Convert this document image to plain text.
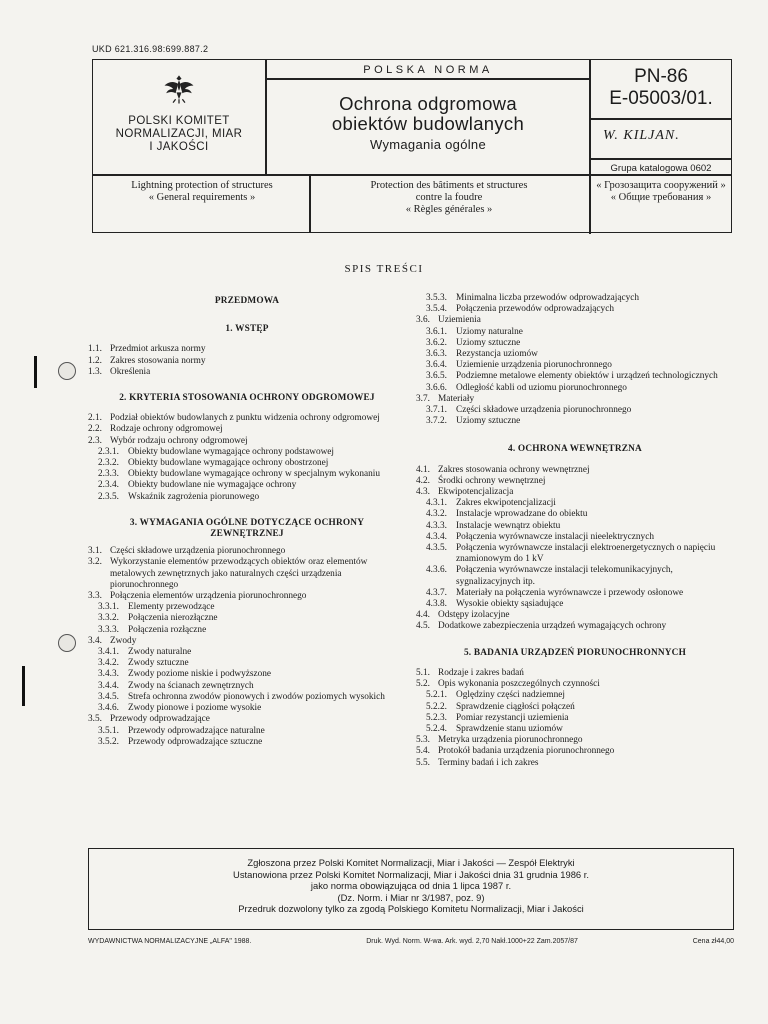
UKD 621.316.98:699.887.2
POLSKI KOMITET
NORMALIZACJI, MIAR
I JAKOŚCI
POLSKA NORMA
Ochrona odgromowa
obiektów budowlanych
Wymagania ogólne
PN-86
E-05003/01.
W. KILJAN.
Grupa katalogowa 0602
Lightning protection of structures
« General requirements »
Protection des bâtiments et structures
contre la foudre
« Règles générales »
« Грозозащита сооружений »
« Общие требования »
SPIS TREŚCI
PRZEDMOWA
1. WSTĘP
1.1. Przedmiot arkusza normy
1.2. Zakres stosowania normy
1.3. Określenia
2. KRYTERIA STOSOWANIA OCHRONY ODGROMOWEJ
2.1. Podział obiektów budowlanych z punktu widzenia ochrony odgromowej
2.2. Rodzaje ochrony odgromowej
2.3. Wybór rodzaju ochrony odgromowej
2.3.1. Obiekty budowlane wymagające ochrony podstawowej
2.3.2. Obiekty budowlane wymagające ochrony obostrzonej
2.3.3. Obiekty budowlane wymagające ochrony w specjalnym wykonaniu
2.3.4. Obiekty budowlane nie wymagające ochrony
2.3.5. Wskaźnik zagrożenia piorunowego
3. WYMAGANIA OGÓLNE DOTYCZĄCE OCHRONY
ZEWNĘTRZNEJ
3.1. Części składowe urządzenia piorunochronnego
3.2. Wykorzystanie elementów przewodzących obiektów oraz elementów metalowych zewnętrznych jako naturalnych części urządzenia piorunochronnego
3.3. Połączenia elementów urządzenia piorunochronnego
3.3.1. Elementy przewodzące
3.3.2. Połączenia nierozłączne
3.3.3. Połączenia rozłączne
3.4. Zwody
3.4.1. Zwody naturalne
3.4.2. Zwody sztuczne
3.4.3. Zwody poziome niskie i podwyższone
3.4.4. Zwody na ścianach zewnętrznych
3.4.5. Strefa ochronna zwodów pionowych i zwodów poziomych wysokich
3.4.6. Zwody pionowe i poziome wysokie
3.5. Przewody odprowadzające
3.5.1. Przewody odprowadzające naturalne
3.5.2. Przewody odprowadzające sztuczne
3.5.3. Minimalna liczba przewodów odprowadzających
3.5.4. Połączenia przewodów odprowadzających
3.6. Uziemienia
3.6.1. Uziomy naturalne
3.6.2. Uziomy sztuczne
3.6.3. Rezystancja uziomów
3.6.4. Uziemienie urządzenia piorunochronnego
3.6.5. Podziemne metalowe elementy obiektów i urządzeń technologicznych
3.6.6. Odległość kabli od uziomu piorunochronnego
3.7. Materiały
3.7.1. Części składowe urządzenia piorunochronnego
3.7.2. Uziomy sztuczne
4. OCHRONA WEWNĘTRZNA
4.1. Zakres stosowania ochrony wewnętrznej
4.2. Środki ochrony wewnętrznej
4.3. Ekwipotencjalizacja
4.3.1. Zakres ekwipotencjalizacji
4.3.2. Instalacje wprowadzane do obiektu
4.3.3. Instalacje wewnątrz obiektu
4.3.4. Połączenia wyrównawcze instalacji nieelektrycznych
4.3.5. Połączenia wyrównawcze instalacji elektroenergetycznych o napięciu znamionowym do 1 kV
4.3.6. Połączenia wyrównawcze instalacji telekomunikacyjnych, sygnalizacyjnych itp.
4.3.7. Materiały na połączenia wyrównawcze i przewody osłonowe
4.3.8. Wysokie obiekty sąsiadujące
4.4. Odstępy izolacyjne
4.5. Dodatkowe zabezpieczenia urządzeń wymagających ochrony
5. BADANIA URZĄDZEŃ PIORUNOCHRONNYCH
5.1. Rodzaje i zakres badań
5.2. Opis wykonania poszczególnych czynności
5.2.1. Oględziny części nadziemnej
5.2.2. Sprawdzenie ciągłości połączeń
5.2.3. Pomiar rezystancji uziemienia
5.2.4. Sprawdzenie stanu uziomów
5.3. Metryka urządzenia piorunochronnego
5.4. Protokół badania urządzenia piorunochronnego
5.5. Terminy badań i ich zakres
Zgłoszona przez Polski Komitet Normalizacji, Miar i Jakości — Zespół Elektryki
Ustanowiona przez Polski Komitet Normalizacji, Miar i Jakości dnia 31 grudnia 1986 r.
jako norma obowiązująca od dnia 1 lipca 1987 r.
(Dz. Norm. i Miar nr 3/1987, poz. 9)
Przedruk dozwolony tylko za zgodą Polskiego Komitetu Normalizacji, Miar i Jakości
WYDAWNICTWA NORMALIZACYJNE „ALFA" 1988.	Druk. Wyd. Norm. W-wa. Ark. wyd. 2,70 Nakł.1000+22 Zam.2057/87	Cena zł44,00
